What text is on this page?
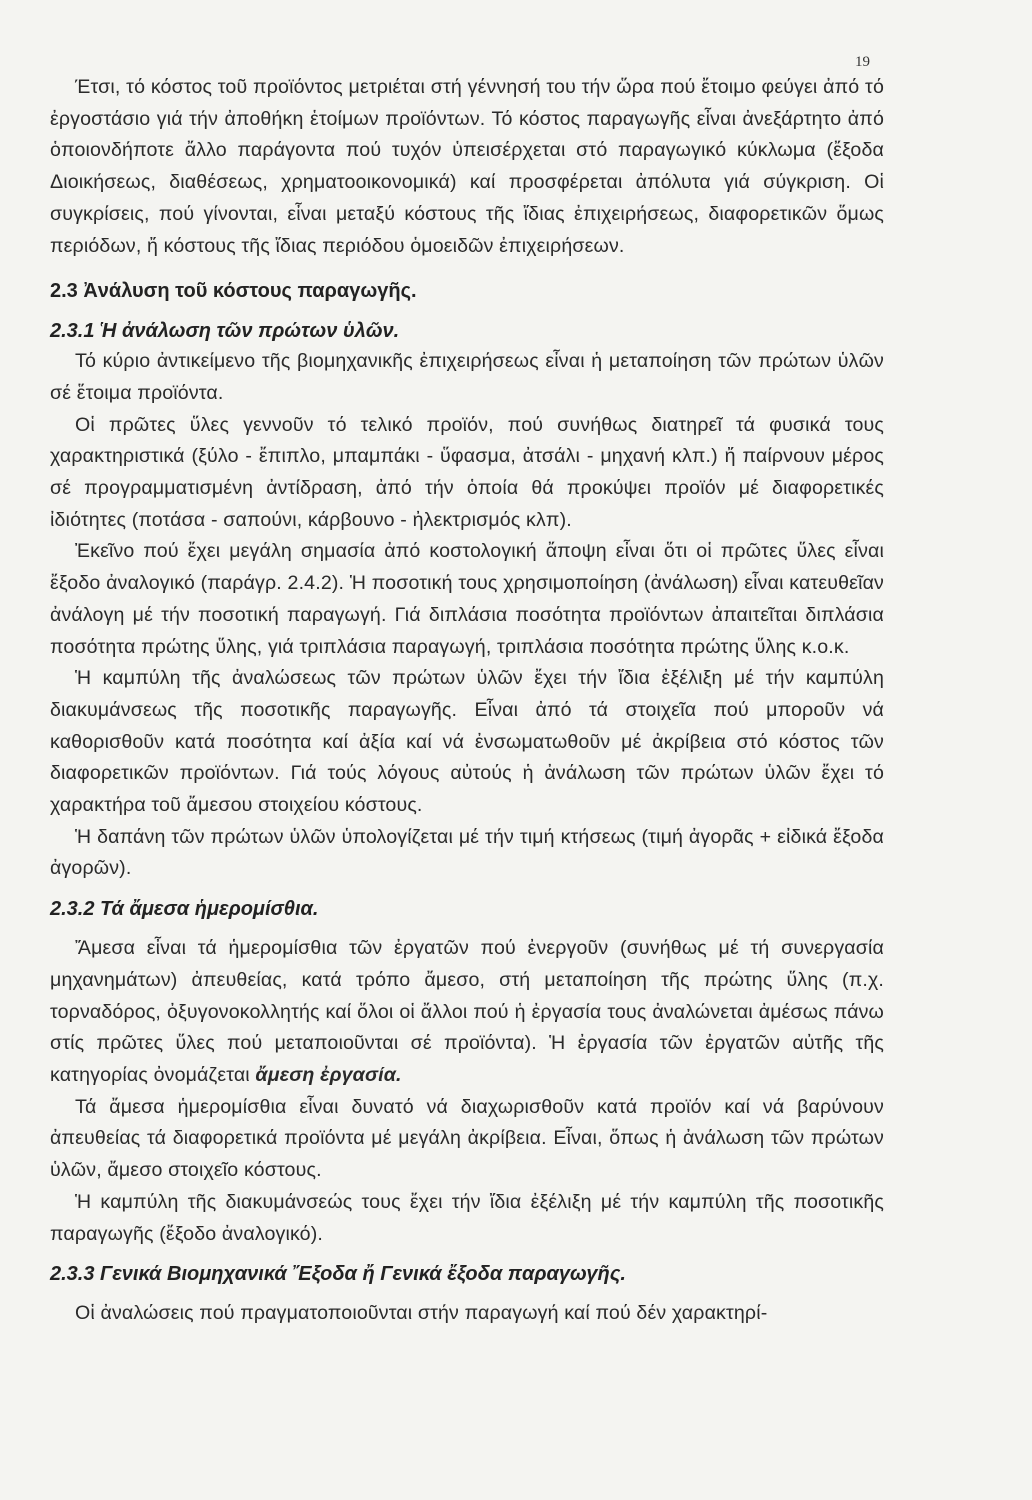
19

Έτσι, τό κόστος τοῦ προϊόντος μετριέται στή γέννησή του τήν ὥρα πού ἔτοιμο φεύγει ἀπό τό ἐργοστάσιο γιά τήν ἀποθήκη ἑτοίμων προϊόντων. Τό κόστος παραγωγῆς εἶναι ἀνεξάρτητο ἀπό ὁποιονδήποτε ἄλλο παράγοντα πού τυχόν ὑπεισέρχεται στό παραγωγικό κύκλωμα (ἔξοδα Διοικήσεως, διαθέσεως, χρηματοοικονομικά) καί προσφέρεται ἀπόλυτα γιά σύγκριση. Οἱ συγκρίσεις, πού γίνονται, εἶναι μεταξύ κόστους τῆς ἴδιας ἐπιχειρήσεως, διαφορετικῶν ὅμως περιόδων, ἤ κόστους τῆς ἴδιας περιόδου ὁμοειδῶν ἐπιχειρήσεων.

2.3 Ἀνάλυση τοῦ κόστους παραγωγῆς.
2.3.1 Ἡ ἀνάλωση τῶν πρώτων ὑλῶν.

Τό κύριο ἀντικείμενο τῆς βιομηχανικῆς ἐπιχειρήσεως εἶναι ἡ μεταποίηση τῶν πρώτων ὑλῶν σέ ἕτοιμα προϊόντα.

Οἱ πρῶτες ὕλες γεννοῦν τό τελικό προϊόν, πού συνήθως διατηρεῖ τά φυσικά τους χαρακτηριστικά (ξύλο - ἔπιπλο, μπαμπάκι - ὕφασμα, ἀτσάλι - μηχανή κλπ.) ἤ παίρνουν μέρος σέ προγραμματισμένη ἀντίδραση, ἀπό τήν ὁποία θά προκύψει προϊόν μέ διαφορετικές ἰδιότητες (ποτάσα - σαπούνι, κάρβουνο - ἠλεκτρισμός κλπ).

Ἐκεῖνο πού ἔχει μεγάλη σημασία ἀπό κοστολογική ἄποψη εἶναι ὅτι οἱ πρῶτες ὕλες εἶναι ἔξοδο ἀναλογικό (παράγρ. 2.4.2). Ἡ ποσοτική τους χρησιμοποίηση (ἀνάλωση) εἶναι κατευθεῖαν ἀνάλογη μέ τήν ποσοτική παραγωγή. Γιά διπλάσια ποσότητα προϊόντων ἀπαιτεῖται διπλάσια ποσότητα πρώτης ὕλης, γιά τριπλάσια παραγωγή, τριπλάσια ποσότητα πρώτης ὕλης κ.ο.κ.

Ἡ καμπύλη τῆς ἀναλώσεως τῶν πρώτων ὑλῶν ἔχει τήν ἴδια ἐξέλιξη μέ τήν καμπύλη διακυμάνσεως τῆς ποσοτικῆς παραγωγῆς. Εἶναι ἀπό τά στοιχεῖα πού μποροῦν νά καθορισθοῦν κατά ποσότητα καί ἀξία καί νά ἐνσωματωθοῦν μέ ἀκρίβεια στό κόστος τῶν διαφορετικῶν προϊόντων. Γιά τούς λόγους αὐτούς ἡ ἀνάλωση τῶν πρώτων ὑλῶν ἔχει τό χαρακτήρα τοῦ ἄμεσου στοιχείου κόστους.

Ἡ δαπάνη τῶν πρώτων ὑλῶν ὑπολογίζεται μέ τήν τιμή κτήσεως (τιμή ἀγορᾶς + εἰδικά ἔξοδα ἀγορῶν).

2.3.2 Τά ἄμεσα ἡμερομίσθια.

Ἄμεσα εἶναι τά ἡμερομίσθια τῶν ἐργατῶν πού ἐνεργοῦν (συνήθως μέ τή συνεργασία μηχανημάτων) ἀπευθείας, κατά τρόπο ἄμεσο, στή μεταποίηση τῆς πρώτης ὕλης (π.χ. τορναδόρος, ὀξυγονοκολλητής καί ὅλοι οἱ ἄλλοι πού ἡ ἐργασία τους ἀναλώνεται ἀμέσως πάνω στίς πρῶτες ὕλες πού μεταποιοῦνται σέ προϊόντα). Ἡ ἐργασία τῶν ἐργατῶν αὐτῆς τῆς κατηγορίας ὀνομάζεται ἄμεση ἐργασία.

Τά ἄμεσα ἡμερομίσθια εἶναι δυνατό νά διαχωρισθοῦν κατά προϊόν καί νά βαρύνουν ἀπευθείας τά διαφορετικά προϊόντα μέ μεγάλη ἀκρίβεια. Εἶναι, ὅπως ἡ ἀνάλωση τῶν πρώτων ὑλῶν, ἄμεσο στοιχεῖο κόστους.

Ἡ καμπύλη τῆς διακυμάνσεώς τους ἔχει τήν ἴδια ἐξέλιξη μέ τήν καμπύλη τῆς ποσοτικῆς παραγωγῆς (ἔξοδο ἀναλογικό).

2.3.3 Γενικά Βιομηχανικά Ἔξοδα ἤ Γενικά ἔξοδα παραγωγῆς.

Οἱ ἀναλώσεις πού πραγματοποιοῦνται στήν παραγωγή καί πού δέν χαρακτηρί-
